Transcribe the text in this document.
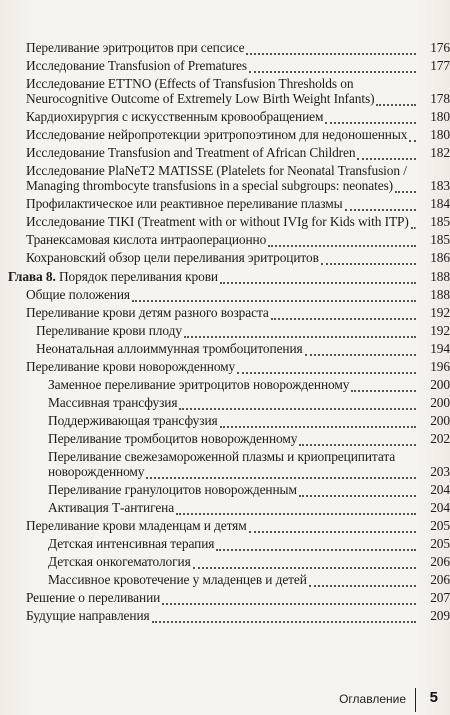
Переливание эритроцитов при сепсисе	176
Исследование Transfusion of Prematures	177
Исследование ETTNO (Effects of Transfusion Thresholds on Neurocognitive Outcome of Extremely Low Birth Weight Infants)	178
Кардиохирургия с искусственным кровообращением	180
Исследование нейропротекции эритропоэтином для недоношенных	180
Исследование Transfusion and Treatment of African Children	182
Исследование PlaNeT2 MATISSE (Platelets for Neonatal Transfusion / Managing thrombocyte transfusions in a special subgroups: neonates)	183
Профилактическое или реактивное переливание плазмы	184
Исследование TIKI (Treatment with or without IVIg for Kids with ITP)	185
Транексамовая кислота интраоперационно	185
Кохрановский обзор цели переливания эритроцитов	186
Глава 8. Порядок переливания крови	188
Общие положения	188
Переливание крови детям разного возраста	192
Переливание крови плоду	192
Неонатальная аллоиммунная тромбоцитопения	194
Переливание крови новорожденному	196
Заменное переливание эритроцитов новорожденному	200
Массивная трансфузия	200
Поддерживающая трансфузия	200
Переливание тромбоцитов новорожденному	202
Переливание свежезамороженной плазмы и криопреципитата новорожденному	203
Переливание гранулоцитов новорожденным	204
Активация Т-антигена	204
Переливание крови младенцам и детям	205
Детская интенсивная терапия	205
Детская онкогематология	206
Массивное кровотечение у младенцев и детей	206
Решение о переливании	207
Будущие направления	209
Оглавление 5
